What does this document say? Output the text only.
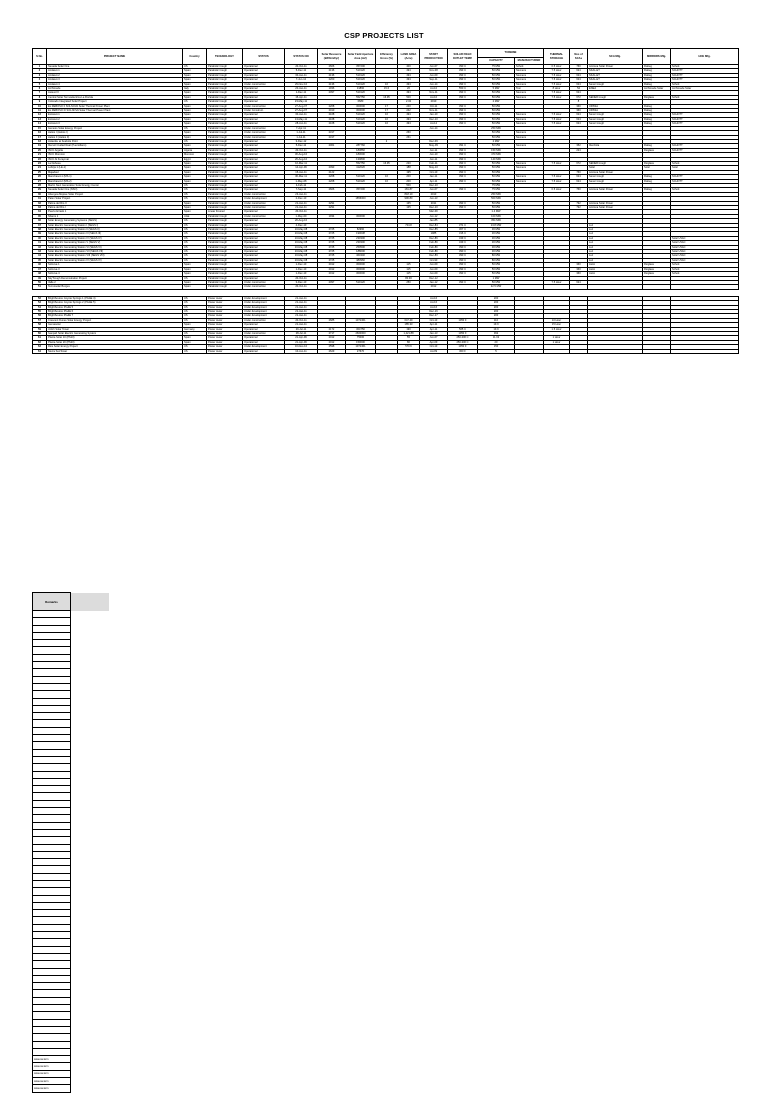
CSP PROJECTS LIST
S No.	PROJECT NAME	Country	TECHNOLOGY	STATUS	STATUS ON	Solar Resource (kWh/m2/yr)	Solar Field Aperture Area (m2)	Efficiency Gross (%)	LAND AREA (Acre)	START PRODUCTION	SOLAR FIELD OUTLET TEMP.	TURBINE		THERMAL STORAGE	Nos of SCAs	SCA Mfg.	MIRRORS Mfg.	HCE Mfg.
												CAPACITY	MANUFACTURER					
1	Nevada Solar One	US	Parabolic trough	Operational	20-Oct-11	2606	357200		400	Jun-07	390 C	75 MW	Schott	0.5 Hour	760	Acciona Solar Power	Flabeg	Schott
2	Andasol-1	Spain	Parabolic trough	Operational	5-Dec-11	2136	510120		494	Nov-08	393 C	50 MW	Siemens	7.5 Hour	624	SKAL-ET	Flabeg	SCHOTT
3	Andasol-2	Spain	Parabolic trough	Operational	30-Jan-11	2136	510120		494	Jun-09	393 C	50 MW	Siemens	7.5 Hour	624	SKAL-ET	Flabeg	SCHOTT
4	Andasol-3	Spain	Parabolic trough	Operational	7-Jun-12	2200	510120		494	Sep-11	393 C	50 MW	Siemens	7.5 Hour	624	SKAL-ET	Flabeg	SCHOTT
5	Andasol-4	Spain	Parabolic trough	Under construction	29-Nov-10	2136	510120	16	494	Jun-14	393 C	50 MW	Siemens	7.5 Hour	624	Sener trough	Flabeg	Schott
6	Archimede	Italy	Parabolic trough	Operational	20-Jan-11	1936	31860	15.6	20	Jul-10	550 C	5 MW	Tosi	8 Hour	54	ENEA	Archimede Solar	Archimede Solar
7	Astexol II	Spain	Parabolic trough	Operational	1-Dec-11	2097	510120		494	Nov-11	393 C	50 MW	Siemens	7.5 Hour	624			
8	Central Solar Termoeléctrica La Florida	Spain	Parabolic trough	Operational	15-Apr-11		552750	16.95	500	Jul-10	393 C	50 MW	Siemens	7.5 Hour	672	SENER trough	Rioglass	Schott
9	Colorado Integrated Solar Project	US	Parabolic trough	Operational	23-May-11		6680		2.32	2010		2 MW			8			
10	EL REBOSO II SOLNOVA Solar Thermal Power Plant	Spain	Parabolic trough	Under construction	27-Aug-07	2208	300000	17	240	Oct-11	393 C	50 MW			360	URSSA	Flabeg	
11	EL REBOSO III SOLNOVA Solar Thermal Power Plant	Spain	Parabolic trough	Under Construct.	27-Aug-07	2010	300000	17	242	Nov-11	393 C	50 MW			360	URSSA	Flabeg	
12	Extresol-1	Spain	Parabolic trough	Operational	30-Jan-11	2168	510120	16	494	Jan-10	393 C	50 MW	Siemens	7.5 Hour	624	Sener trough	Flabeg	SCHOTT
13	Extresol-2	Spain	Parabolic trough	Operational	13-May-11	2168	510120	16	494	Dec-10	393 C	50 MW	Siemens	7.5 Hour	624	Sener trough	Flabeg	SCHOTT
14	Extresol-3	Spain	Parabolic trough	Operational	28-Jun-11	2168	510120	16	494	Jul-12	393 C	50 MW	Siemens	7.5 Hour	624	Sener trough	Flabeg	SCHOTT
15	Genesis Solar Energy Project	US	Parabolic trough	Under construction	7-Apr-11					Jun-14		250 MW						
16	Helios I (Helios I)	Spain	Parabolic trough	Under construction	1-Jul-11	2317			260			50 MW	Siemens					
17	Helios II (Helios II)	Spain	Parabolic trough	Under construction	1-Jul-11	2317			261			50 MW	Siemens					
18	Holaniku at Keahole Point	US	Parabolic trough	Operational	3-Dec-12			2		Dec-09		2 MW						
19	Ibersol Ciudad Real (Puertollano)	Spain	Parabolic trough	Operational	5-Dec-11	2061	287760			May-09	391 C	50 MW	Siemens		352	Iberdrola	Flabeg	SCHOTT
20	ISCC Argelia	Algeria	Parabolic trough	Operational	20-Oct-11		183860			Jun-11	393 C	150 MW			224		Rioglass	SCHOTT
21	ISCC Morocco	Morocco	Parabolic trough	Operational	30-Aug-10		183000			Jun-10	393 C	470 MW						
22	ISCC Al Kuraymat	Egypt	Parabolic trough	Operational	26-Aug-10		130800			Jun-11	393 C	140 MW						
23	La Dehesa	Spain	Parabolic trough	Operational	16-Mar-11		552750	16.95	220	Feb-11	393 C	50 MW	Siemens	7.5 Hour	672	SENER trough	Rioglass	Schott
24	Lebrija 1 (LE-1)	Spain	Parabolic trough	Operational	14-Apr-09	2093	412020		188	May-10	393 C	50 MW	Siemens			Solel	Solel	Solel
25	Majadas I	Spain	Parabolic trough	Operational	15-Jan-11	2122			195	Oct-10	393 C	50 MW			760	Acciona Solar Power		
26	Manchasol-1 (MS-1)	Spain	Parabolic trough	Operational	30-Mar-11	2208	510120	16	200	Jan-11	393 C	50 MW	Siemens	7.5 Hour	624	Sener trough	Flabeg	SCHOTT
27	Manchasol-2 (MS-2)	Spain	Parabolic trough	Operational	1-May-08	2208	510120	16	200	Apr-11	393 C	50 MW	Siemens	7.5 Hour	624	Sener trough	Flabeg	SCHOTT
28	Martin Next Generation Solar Energy Center	US	Parabolic trough	Operational	4-Feb-11				500	Dec-10		75 MW						
29	Nevada Solar One (NSO)	US	Parabolic trough	Operational	7-Sep-11	2606	357200		181.87	Jun-07	393 C	75 MW		0.5 Hour	760	Acciona Solar Power	Flabeg	Schott
30	Abengoa Mojave Solar Project	US	Parabolic trough	Under construction	23-Jan-11				818.10	2013		250 MW						
31	Palen Solar Project	US	Parabolic trough	Under development	2-Dec-10		1856000		996.80	Jun-13		500 MW						
32	Palma del Río II	Spain	Parabolic trough	Under construction	21-Jan-11	2291			135	2011	393 C	50 MW			792	Acciona Solar Power		
33	Palma del Río I	Spain	Parabolic trough	Under construction	21-Jan-11	2291			135	Dec-10	393 C	50 MW			792	Acciona Solar Power		
34	Puerto Errado 1	Spain	Linear Fresnel	Operational	20-Oct-11					Mar-09		1.4 MW						
35	Shams 1	UAE	Parabolic trough	Under construction	1-May-09	1934	300000			Jun-12		100 MW						
36	Solar Energy Generating Systems (SEGS)	US	Parabolic trough	Operational	20-Aug-10					Jan-85		354 MW						
37	Solar Electric Generating Station I (SEGS I)	US	Parabolic trough	Operational	4-Dec-10				704.8	Dec-84	371 C	13.8 MW				Luz		
38	Solar Electric Generating Station II (SEGS II)	US	Parabolic trough	Operational	10-May-08	2725	82960			Dec-85	307 C	30 MW				Luz		
39	Solar Electric Generating Station III (SEGS III)	US	Parabolic trough	Operational	10-May-08	2725	190038			1985	316 C	30 MW				Luz		
40	Solar Electric Generating Station IV (SEGS IV)	US	Parabolic trough	Operational	10-May-08	2725	230300			Dec-86	349 C	30 MW				Luz		Solel UVAC
41	Solar Electric Generating Station V (SEGS V)	US	Parabolic trough	Operational	10-May-08	2725	230300			Feb-89	349 C	30 MW				Luz		Solel UVAC
42	Solar Electric Generating Station VI (SEGS VI)	US	Parabolic trough	Operational	10-May-08	2725	250500			Feb-89	390 C	30 MW				Luz		Solel UVAC
43	Solar Electric Generating Station VII (SEGS VII)	US	Parabolic trough	Operational	10-May-08	2725	188000			Feb-89	390 C	30 MW				Luz		Solel UVAC
44	Solar Electric Generating Station VIII (SEGS VIII)	US	Parabolic trough	Operational	10-May-08	2725	464340			Dec-89	390 C	80 MW				Luz		Solel UVAC
45	Solar Electric Generating Station IX (SEGS IX)	US	Parabolic trough	Operational	10-May-08	2725	483960			Oct-90	390 C	80 MW				Luz		Solel UVAC
46	Solnova 1	Spain	Parabolic trough	Operational	1-Dec-10	2012	300000		115	Jun-09	393 C	50 MW			360	Astro	Rioglass	Schott
47	Solnova 3	Spain	Parabolic trough	Operational	1-Dec-10	2012	300000		115	Jun-09	393 C	50 MW			360	Astro	Rioglass	Schott
48	Solnova 4	Spain	Parabolic trough	Operational	1-Dec-10	2012	300000		115	Jun-09	393 C	50 MW			360	Astro	Rioglass	Schott
49	SkyTrough Demonstration Project	US	Parabolic trough	Operational	20-Oct-11				80.93	Dec-12		1 MW						
50	Valle 2	Spain	Parabolic trough	Under construction	3-Dec-10	2097	510120		250	Jan-12	393 C	50 MW		7.5 Hour	624			
51	Termosolar Borges	Spain	Parabolic trough	Under construction	20-Oct-11					2012		22.5 MW						

52	BrightSource Coyote Springs 1 (PG&E 4)	US	Power tower	Under development	21-Jan-11					Jul-16		200						
53	BrightSource Coyote Springs 2 (PG&E 5)	US	Power tower	Under development	21-Jan-11					Jul-16		200						
54	BrightSource PG&E 5	US	Power tower	Under development	21-Jan-11					Jul-16		200						
55	BrightSource PG&E 6	US	Power tower	Under development	21-Jan-11					Dec-16		200						
56	BrightSource PG&E 7	US	Power tower	Under development	21-Jan-11					Dec-17		200						
57	Crescent Dunes Solar Energy Project	US	Power tower	Under construction	20-Oct-11	2685	1071361		647.49	Oct-13	1050 F	110		10 Hour				
58	Gemasolar	Spain	Power tower	Operational	21-Jan-11				185.33	Apr-11		19.9		15 Hour				
59	Jülich Solar Tower	Germany	Power tower	Operational	29-Jul-11	2172	304750		190	Apr-11	565 C	19.9		1.5 Hour				
60	Ivanpah Solar Electric Generating System	US	Power tower	Under construction	28-Jul-11	2717	2600000		1,421.88	Jan-13	1050 F	392						
61	Planta Solar 10 (PS10)	Spain	Power tower	Operational	21-Apr-09	2012	75000		55	Jun-07	250-300 C	11.02		1 Hour				
62	Planta Solar 20 (PS20)	Spain	Power tower	Operational	21-Apr-09	2012	150000		80	Apr-09	250-300 C	20		1 Hour				
63	Rice Solar Energy Project	US	Power tower	Under development	16-Dec-10	2598	1071361		570.6	Oct-13	1050 F	150						
64	Sierra SunTower	US	Power tower	Operational	10-Jun-11	2629	27670			Jul-09	300 F	5						
Remarks	

www.sw.tern	
www.sw.tern	
www.sw.tern	
www.sw.tern	
www.sw.tern	
